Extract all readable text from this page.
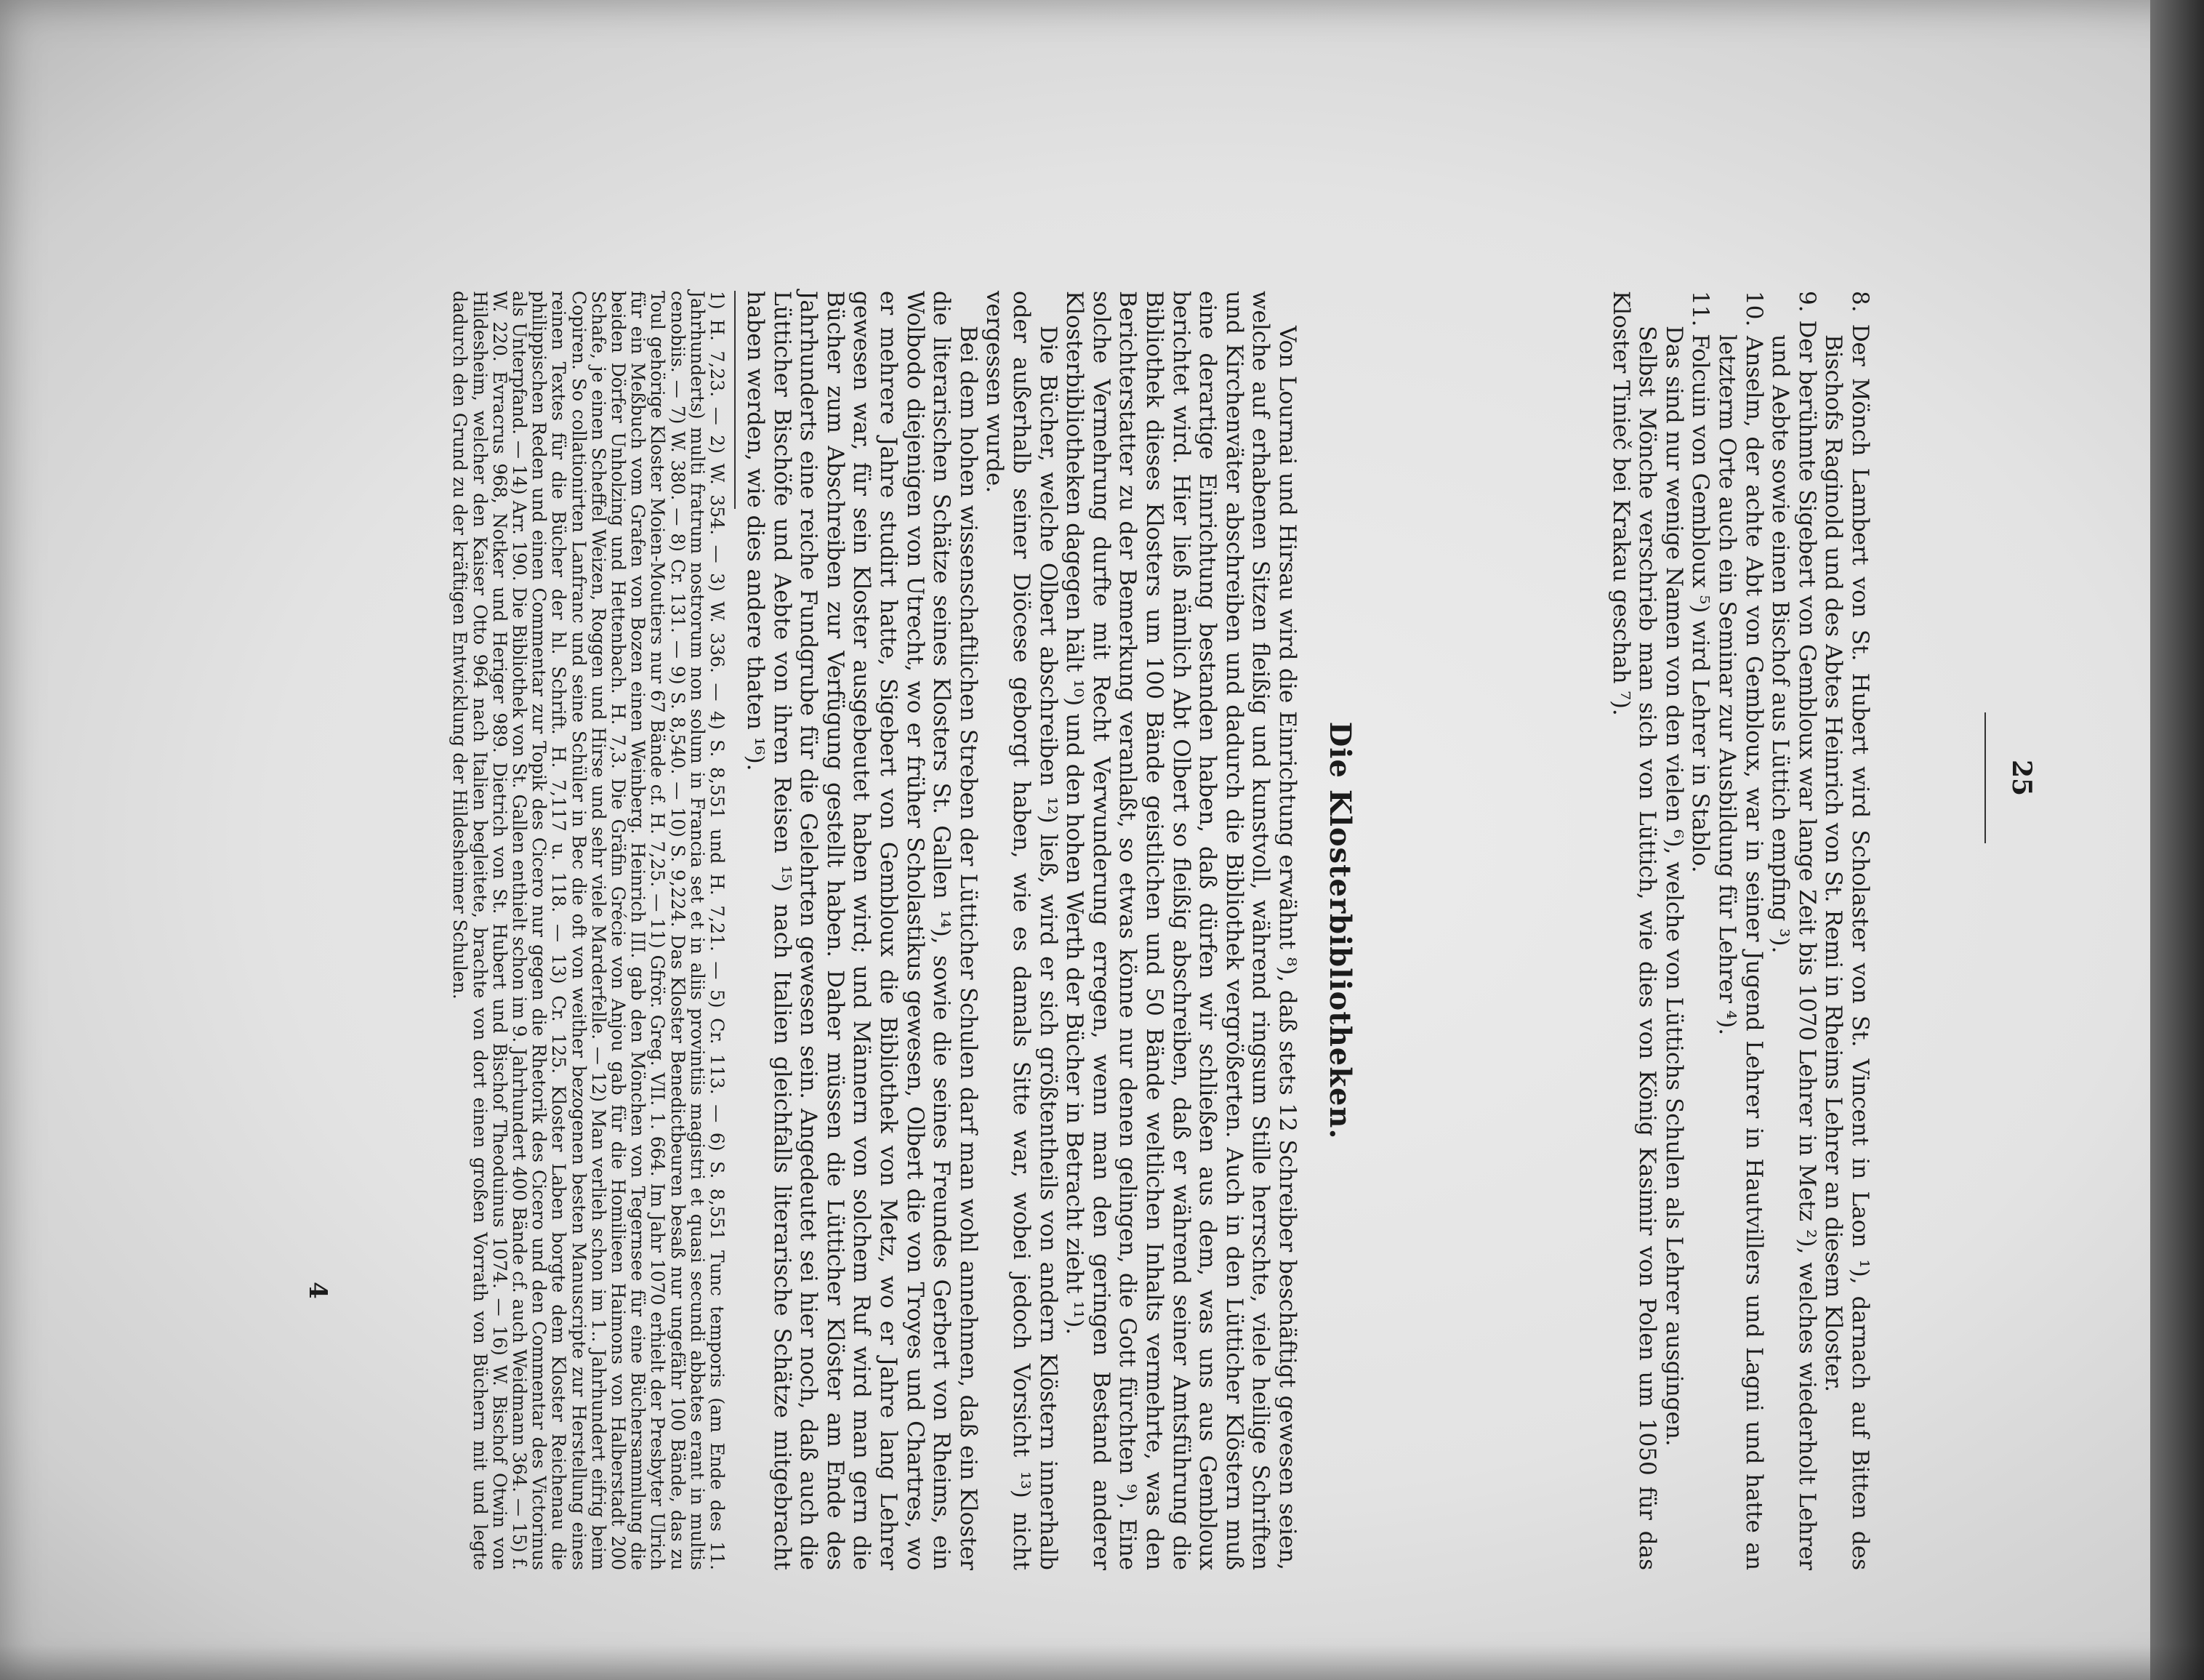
25

8. Der Mönch Lambert von St. Hubert wird Scholaster von St. Vincent in Laon ¹), darnach auf Bitten des Bischofs Raginold und des Abtes Heinrich von St. Remi in Rheims Lehrer an diesem Kloster.

9. Der berühmte Sigebert von Gembloux war lange Zeit bis 1070 Lehrer in Metz ²), welches wiederholt Lehrer und Aebte sowie einen Bischof aus Lüttich empfing ³).

10. Anselm, der achte Abt von Gembloux, war in seiner Jugend Lehrer in Hautvillers und Lagni und hatte an letzterm Orte auch ein Seminar zur Ausbildung für Lehrer ⁴).

11. Folcuin von Gembloux ⁵) wird Lehrer in Stablo.

Das sind nur wenige Namen von den vielen ⁶), welche von Lüttichs Schulen als Lehrer ausgingen.

Selbst Mönche verschrieb man sich von Lüttich, wie dies von König Kasimir von Polen um 1050 für das Kloster Tinieč bei Krakau geschah ⁷).

Die Klosterbibliotheken.

Von Lournai und Hirsau wird die Einrichtung erwähnt ⁸), daß stets 12 Schreiber beschäftigt gewesen seien, welche auf erhabenen Sitzen fleißig und kunstvoll, während ringsum Stille herrschte, viele heilige Schriften und Kirchenväter abschreiben und dadurch die Bibliothek vergrößerten. Auch in den Lütticher Klöstern muß eine derartige Einrichtung bestanden haben, daß dürfen wir schließen aus dem, was uns aus Gembloux berichtet wird. Hier ließ nämlich Abt Olbert so fleißig abschreiben, daß er während seiner Amtsführung die Bibliothek dieses Klosters um 100 Bände geistlichen und 50 Bände weltlichen Inhalts vermehrte, was den Berichterstatter zu der Bemerkung veranlaßt, so etwas könne nur denen gelingen, die Gott fürchten ⁹). Eine solche Vermehrung durfte mit Recht Verwunderung erregen, wenn man den geringen Bestand anderer Klosterbibliotheken dagegen hält ¹⁰) und den hohen Werth der Bücher in Betracht zieht ¹¹).

Die Bücher, welche Olbert abschreiben ¹²) ließ, wird er sich größtentheils von andern Klöstern innerhalb oder außerhalb seiner Diöcese geborgt haben, wie es damals Sitte war, wobei jedoch Vorsicht ¹³) nicht vergessen wurde.

Bei dem hohen wissenschaftlichen Streben der Lütticher Schulen darf man wohl annehmen, daß ein Kloster die literarischen Schätze seines Klosters St. Gallen ¹⁴), sowie die seines Freundes Gerbert von Rheims, ein Wolbodo diejenigen von Utrecht, wo er früher Scholastikus gewesen, Olbert die von Troyes und Chartres, wo er mehrere Jahre studirt hatte, Sigebert von Gembloux die Bibliothek von Metz, wo er Jahre lang Lehrer gewesen war, für sein Kloster ausgebeutet haben wird; und Männern von solchem Ruf wird man gern die Bücher zum Abschreiben zur Verfügung gestellt haben. Daher müssen die Lütticher Klöster am Ende des Jahrhunderts eine reiche Fundgrube für die Gelehrten gewesen sein. Angedeutet sei hier noch, daß auch die Lütticher Bischöfe und Aebte von ihren Reisen ¹⁵) nach Italien gleichfalls literarische Schätze mitgebracht haben werden, wie dies andere thaten ¹⁶).

1) H. 7,23. — 2) W. 354. — 3) W. 336. — 4) S. 8,551 und H. 7,21. — 5) Cr. 113. — 6) S. 8,551 Tunc temporis (am Ende des 11. Jahrhunderts) multi fratrum nostrorum non solum in Francia set et in aliis provintiis magistri et quasi secundi abbates erant in multis cenobiis. — 7) W. 380. — 8) Cr. 131. — 9) S. 8,540. — 10) S. 9,224. Das Kloster Benedictbeuren besaß nur ungefähr 100 Bände, das zu Toul gehörige Kloster Moien-Moutiers nur 67 Bände cf. H. 7,25. — 11) Gfrör. Greg. VII. 1. 664. Im Jahr 1070 erhielt der Presbyter Ulrich für ein Meßbuch vom Grafen von Bozen einen Weinberg. Heinrich III. gab den Mönchen von Tegernsee für eine Büchersammlung die beiden Dörfer Unholzing und Hettenbach. H. 7,3. Die Gräfin Grécie von Anjou gab für die Homilieen Haimons von Halberstadt 200 Schafe, je einen Scheffel Weizen, Roggen und Hirse und sehr viele Marderfelle. — 12) Man verlieh schon im 1.. Jahrhundert eifrig beim Copiren. So collationirten Lanfranc und seine Schüler in Bec die oft von weither bezogenen besten Manuscripte zur Herstellung eines reinen Textes für die Bücher der hl. Schrift. H. 7,117 u. 118. — 13) Cr. 125. Kloster Laben borgte dem Kloster Reichenau die philippischen Reden und einen Commentar zur Topik des Cicero nur gegen die Rhetorik des Cicero und den Commentar des Victorinus als Unterpfand. — 14) Arr. 190. Die Bibliothek von St. Gallen enthielt schon im 9. Jahrhundert 400 Bände cf. auch Weidmann 364. — 15) f. W. 220. Evracrus 968, Notker und Heriger 989. Dietrich von St. Hubert und Bischof Theoduinus 1074. — 16) W. Bischof Otwin von Hildesheim, welcher den Kaiser Otto 964 nach Italien begleitete, brachte von dort einen großen Vorrath von Büchern mit und legte dadurch den Grund zu der kräftigen Entwicklung der Hildesheimer Schulen.

4
